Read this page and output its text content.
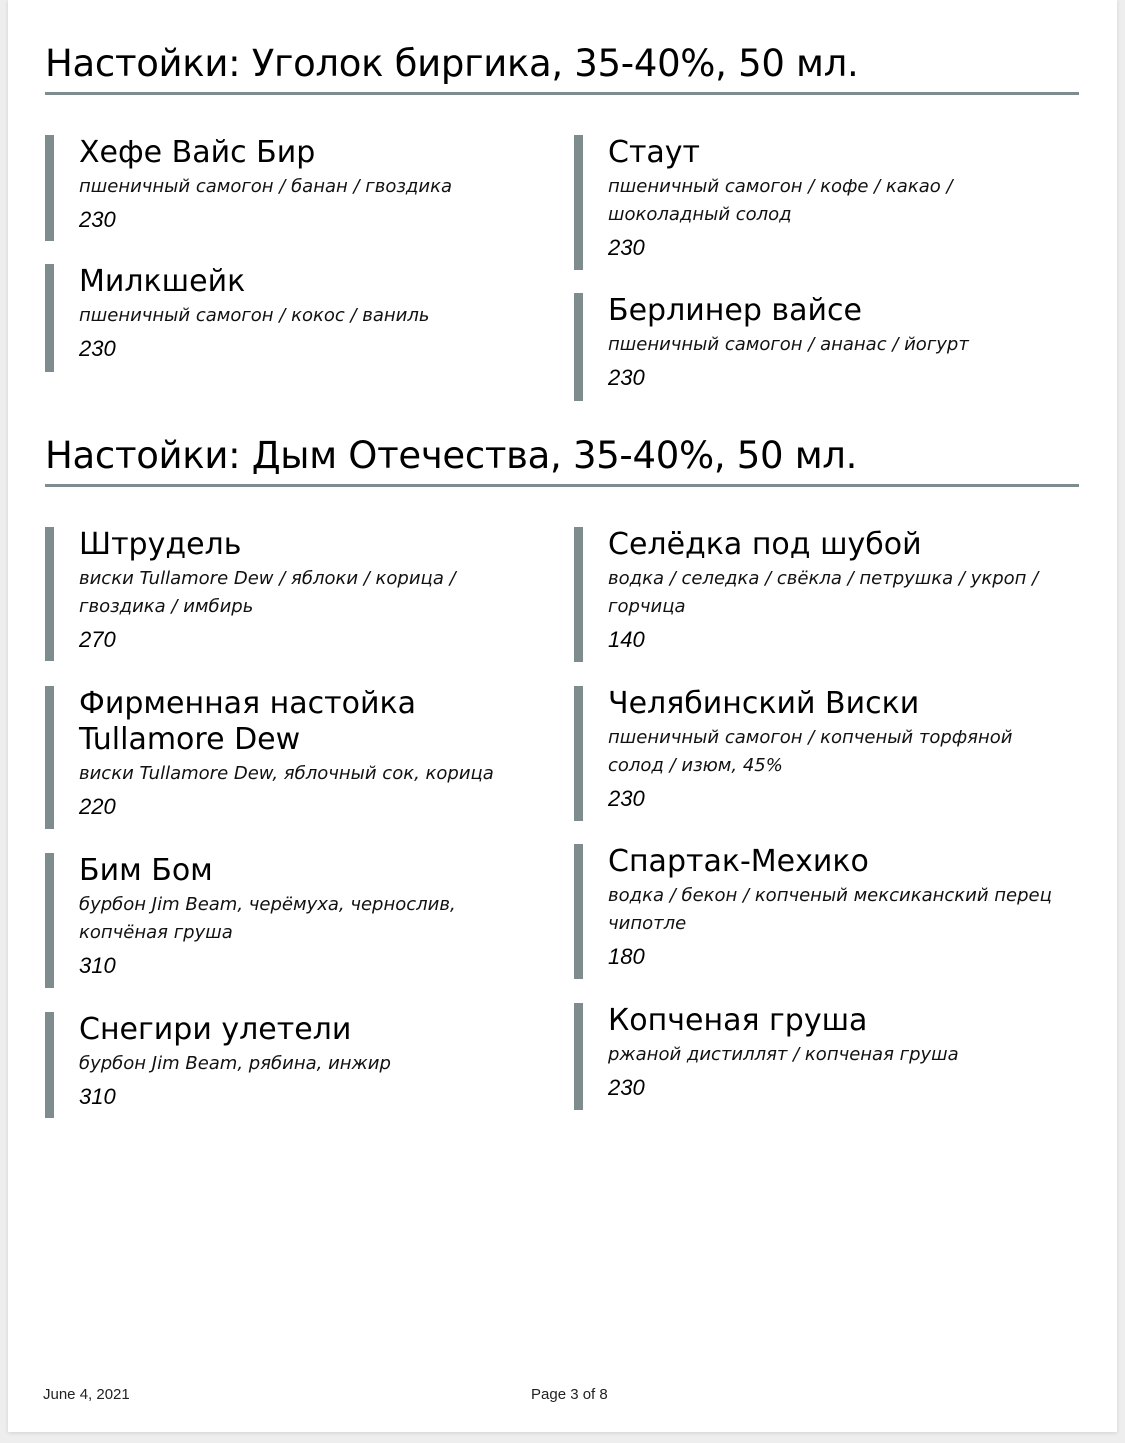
Настойки: Уголок биргика, 35-40%, 50 мл.

Хефе Вайс Бир

пшеничный самогон / банан / гвоздика

230

Милкшейк

пшеничный самогон / кокос / ваниль

230

Стаут

пшеничный самогон / кофе / какао / шоколадный солод

230

Берлинер вайсе

пшеничный самогон / ананас / йогурт

230

Настойки: Дым Отечества, 35-40%, 50 мл.

Штрудель

виски Tullamore Dew / яблоки / корица / гвоздика / имбирь

270

Фирменная настойка Tullamore Dew

виски Tullamore Dew, яблочный сок, корица

220

Бим Бом

бурбон Jim Beam, черёмуха, чернослив, копчёная груша

310

Снегири улетели

бурбон Jim Beam, рябина, инжир

310

Селёдка под шубой

водка / селедка / свёкла / петрушка / укроп / горчица

140

Челябинский Виски

пшеничный самогон / копченый торфяной солод / изюм, 45%

230

Спартак-Мехико

водка / бекон / копченый мексиканский перец чипотле

180

Копченая груша

ржаной дистиллят / копченая груша

230

June 4, 2021	Page 3 of 8
